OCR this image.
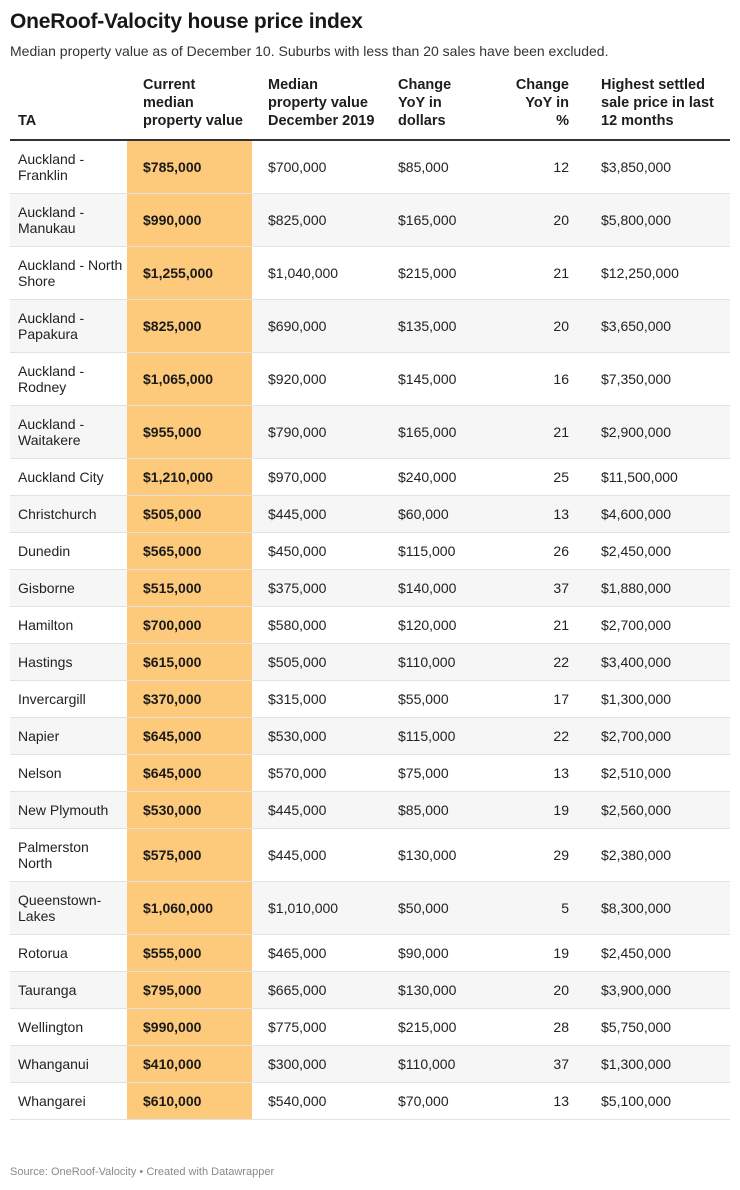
OneRoof-Valocity house price index

Median property value as of December 10. Suburbs with less than 20 sales have been excluded.

TA	Current median property value	Median property value December 2019	Change YoY in dollars	Change YoY in %	Highest settled sale price in last 12 months
Auckland - Franklin	$785,000	$700,000	$85,000	12	$3,850,000
Auckland - Manukau	$990,000	$825,000	$165,000	20	$5,800,000
Auckland - North Shore	$1,255,000	$1,040,000	$215,000	21	$12,250,000
Auckland - Papakura	$825,000	$690,000	$135,000	20	$3,650,000
Auckland - Rodney	$1,065,000	$920,000	$145,000	16	$7,350,000
Auckland - Waitakere	$955,000	$790,000	$165,000	21	$2,900,000
Auckland City	$1,210,000	$970,000	$240,000	25	$11,500,000
Christchurch	$505,000	$445,000	$60,000	13	$4,600,000
Dunedin	$565,000	$450,000	$115,000	26	$2,450,000
Gisborne	$515,000	$375,000	$140,000	37	$1,880,000
Hamilton	$700,000	$580,000	$120,000	21	$2,700,000
Hastings	$615,000	$505,000	$110,000	22	$3,400,000
Invercargill	$370,000	$315,000	$55,000	17	$1,300,000
Napier	$645,000	$530,000	$115,000	22	$2,700,000
Nelson	$645,000	$570,000	$75,000	13	$2,510,000
New Plymouth	$530,000	$445,000	$85,000	19	$2,560,000
Palmerston North	$575,000	$445,000	$130,000	29	$2,380,000
Queenstown-Lakes	$1,060,000	$1,010,000	$50,000	5	$8,300,000
Rotorua	$555,000	$465,000	$90,000	19	$2,450,000
Tauranga	$795,000	$665,000	$130,000	20	$3,900,000
Wellington	$990,000	$775,000	$215,000	28	$5,750,000
Whanganui	$410,000	$300,000	$110,000	37	$1,300,000
Whangarei	$610,000	$540,000	$70,000	13	$5,100,000
Source: OneRoof-Valocity • Created with Datawrapper
